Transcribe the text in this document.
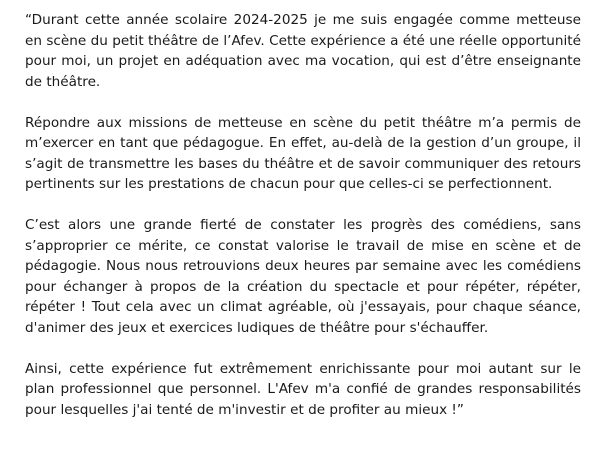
“Durant cette année scolaire 2024-2025 je me suis engagée comme metteuse en scène du petit théâtre de l’Afev. Cette expérience a été une réelle opportunité pour moi, un projet en adéquation avec ma vocation, qui est d’être enseignante de théâtre.

Répondre aux missions de metteuse en scène du petit théâtre m’a permis de m’exercer en tant que pédagogue. En effet, au-delà de la gestion d’un groupe, il s’agit de transmettre les bases du théâtre et de savoir communiquer des retours pertinents sur les prestations de chacun pour que celles-ci se perfectionnent.

C’est alors une grande fierté de constater les progrès des comédiens, sans s’approprier ce mérite, ce constat valorise le travail de mise en scène et de pédagogie. Nous nous retrouvions deux heures par semaine avec les comédiens pour échanger à propos de la création du spectacle et pour répéter, répéter, répéter ! Tout cela avec un climat agréable, où j'essayais, pour chaque séance, d'animer des jeux et exercices ludiques de théâtre pour s'échauffer.

Ainsi, cette expérience fut extrêmement enrichissante pour moi autant sur le plan professionnel que personnel. L'Afev m'a confié de grandes responsabilités pour lesquelles j'ai tenté de m'investir et de profiter au mieux !”
